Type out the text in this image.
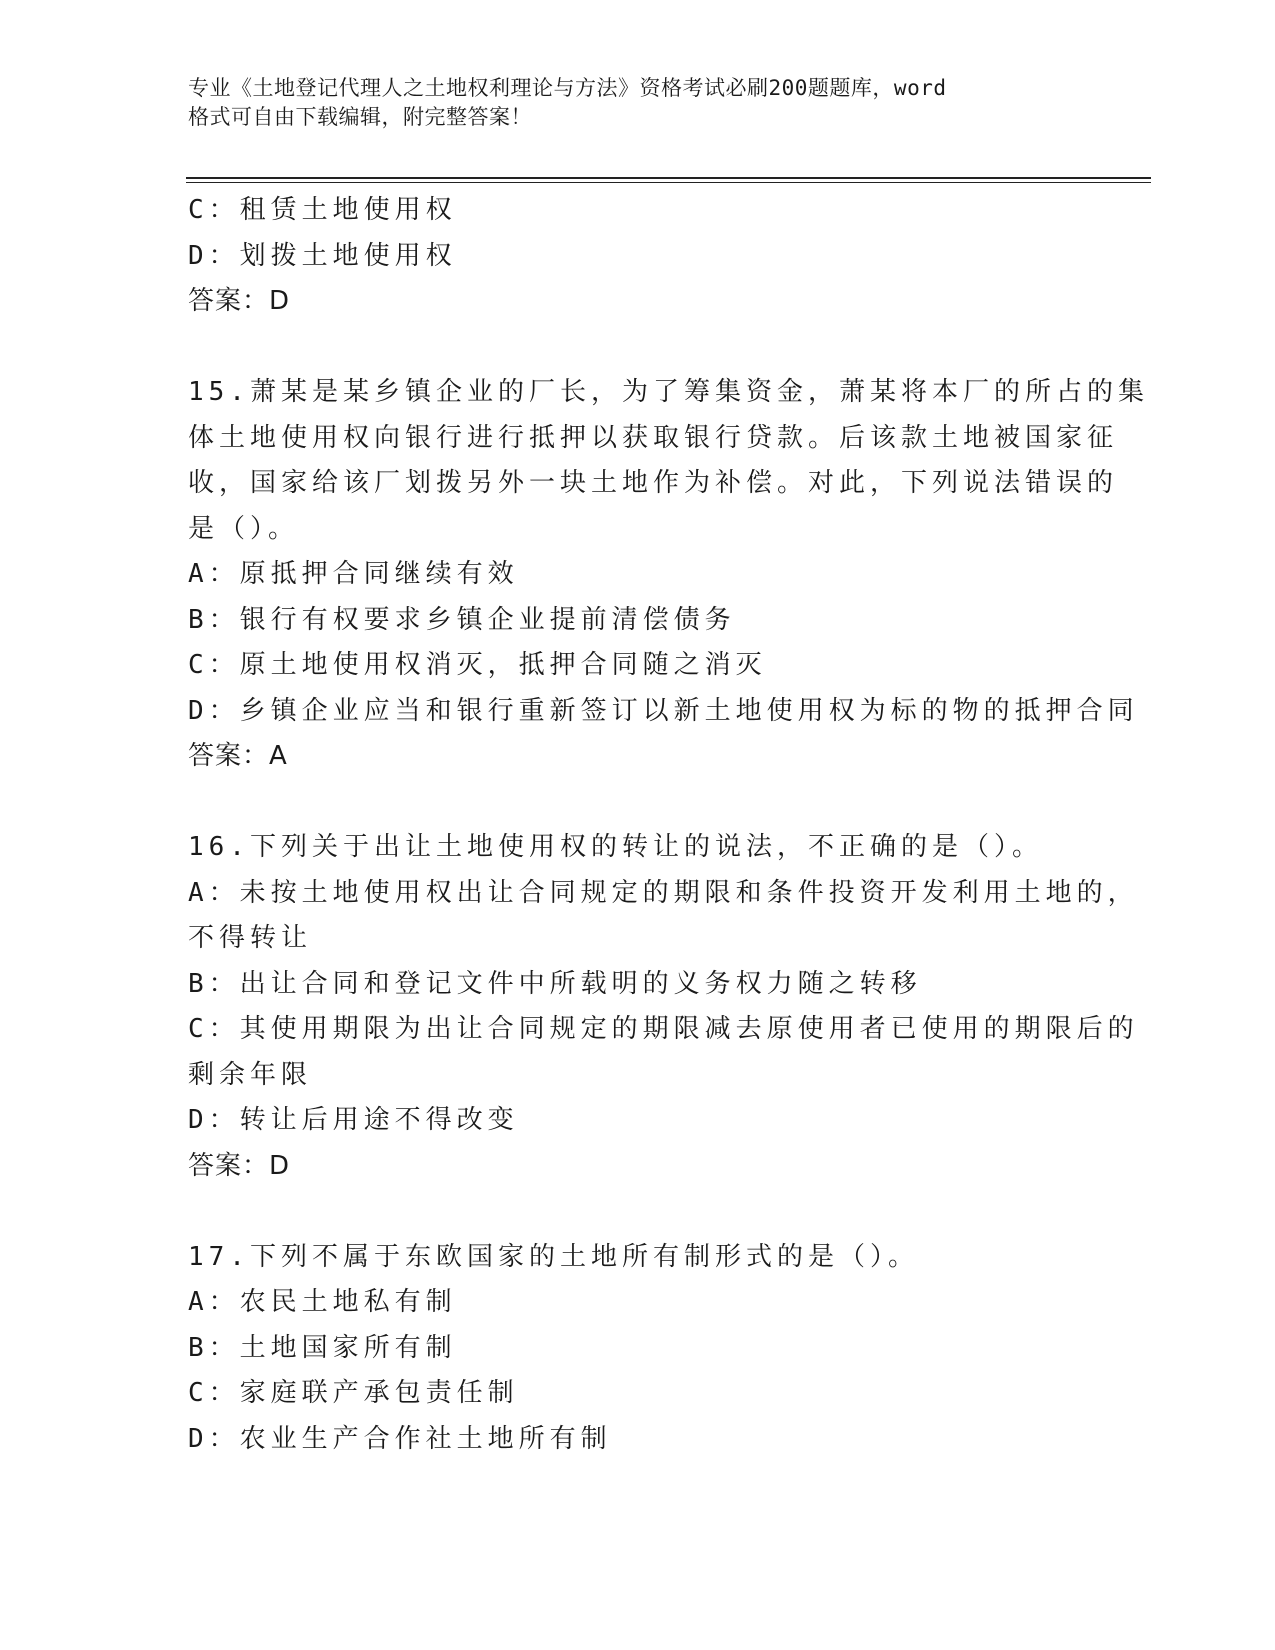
专业《土地登记代理人之土地权利理论与方法》资格考试必刷200题题库，word
格式可自由下载编辑，附完整答案！
C：租赁土地使用权
D：划拨土地使用权
答案：D
15.萧某是某乡镇企业的厂长，为了筹集资金，萧某将本厂的所占的集
体土地使用权向银行进行抵押以获取银行贷款。后该款土地被国家征
收，国家给该厂划拨另外一块土地作为补偿。对此，下列说法错误的
是（）。
A：原抵押合同继续有效
B：银行有权要求乡镇企业提前清偿债务
C：原土地使用权消灭，抵押合同随之消灭
D：乡镇企业应当和银行重新签订以新土地使用权为标的物的抵押合同
答案：A
16.下列关于出让土地使用权的转让的说法，不正确的是（）。
A：未按土地使用权出让合同规定的期限和条件投资开发利用土地的，
不得转让
B：出让合同和登记文件中所载明的义务权力随之转移
C：其使用期限为出让合同规定的期限减去原使用者已使用的期限后的
剩余年限
D：转让后用途不得改变
答案：D
17.下列不属于东欧国家的土地所有制形式的是（）。
A：农民土地私有制
B：土地国家所有制
C：家庭联产承包责任制
D：农业生产合作社土地所有制
